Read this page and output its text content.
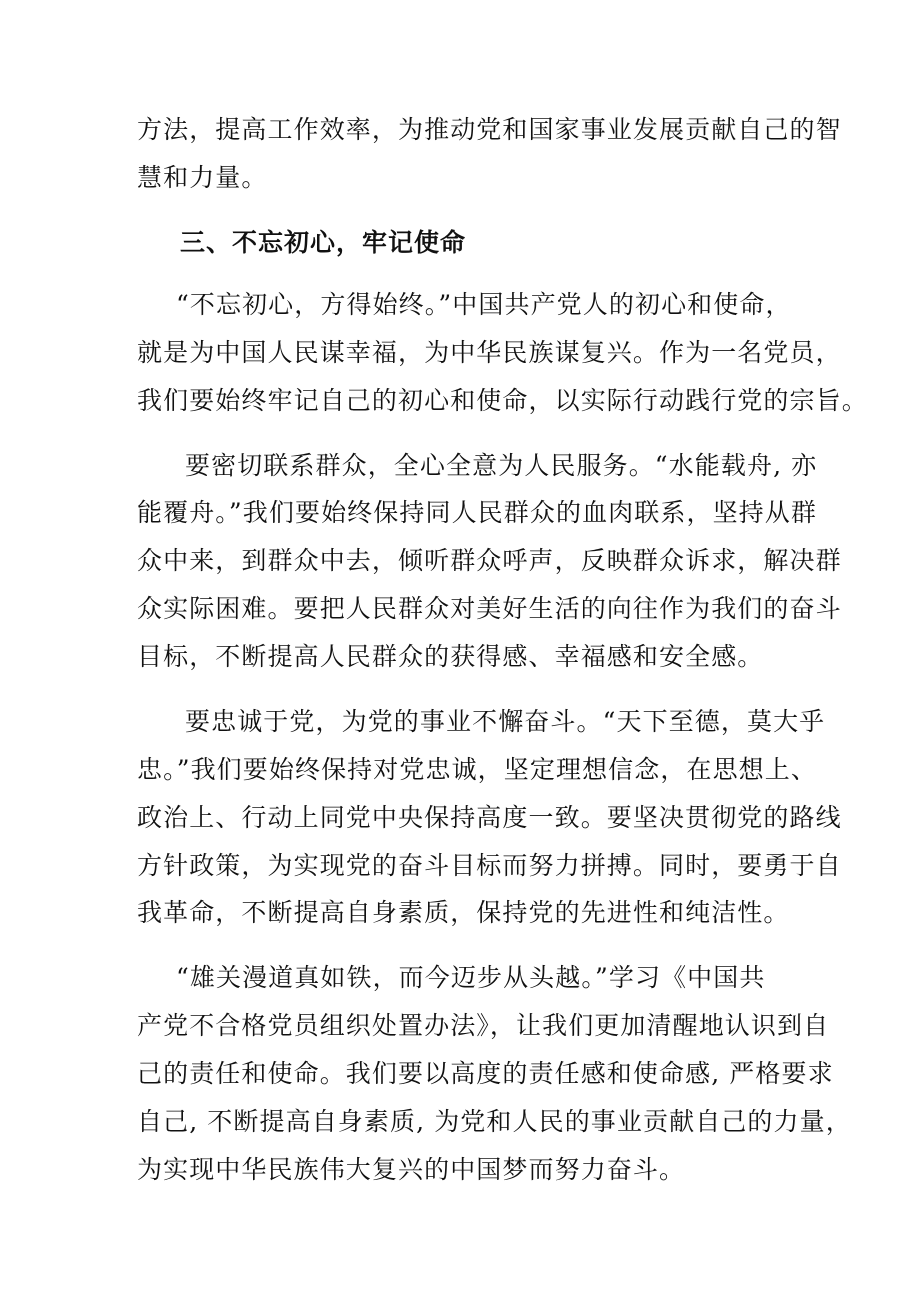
方法，提高工作效率，为推动党和国家事业发展贡献自己的智
慧和力量。
三、不忘初心，牢记使命
“不忘初心，方得始终。”中国共产党人的初心和使命，
就是为中国人民谋幸福，为中华民族谋复兴。作为一名党员，
我们要始终牢记自己的初心和使命，以实际行动践行党的宗旨。
要密切联系群众，全心全意为人民服务。“水能载舟, 亦
能覆舟。”我们要始终保持同人民群众的血肉联系，坚持从群
众中来，到群众中去，倾听群众呼声，反映群众诉求，解决群
众实际困难。要把人民群众对美好生活的向往作为我们的奋斗
目标，不断提高人民群众的获得感、幸福感和安全感。
要忠诚于党，为党的事业不懈奋斗。“天下至德，莫大乎
忠。”我们要始终保持对党忠诚，坚定理想信念，在思想上、
政治上、行动上同党中央保持高度一致。要坚决贯彻党的路线
方针政策，为实现党的奋斗目标而努力拼搏。同时，要勇于自
我革命，不断提高自身素质，保持党的先进性和纯洁性。
“雄关漫道真如铁，而今迈步从头越。”学习《中国共
产党不合格党员组织处置办法》，让我们更加清醒地认识到自
己的责任和使命。我们要以高度的责任感和使命感, 严格要求
自己, 不断提高自身素质, 为党和人民的事业贡献自己的力量，
为实现中华民族伟大复兴的中国梦而努力奋斗。
